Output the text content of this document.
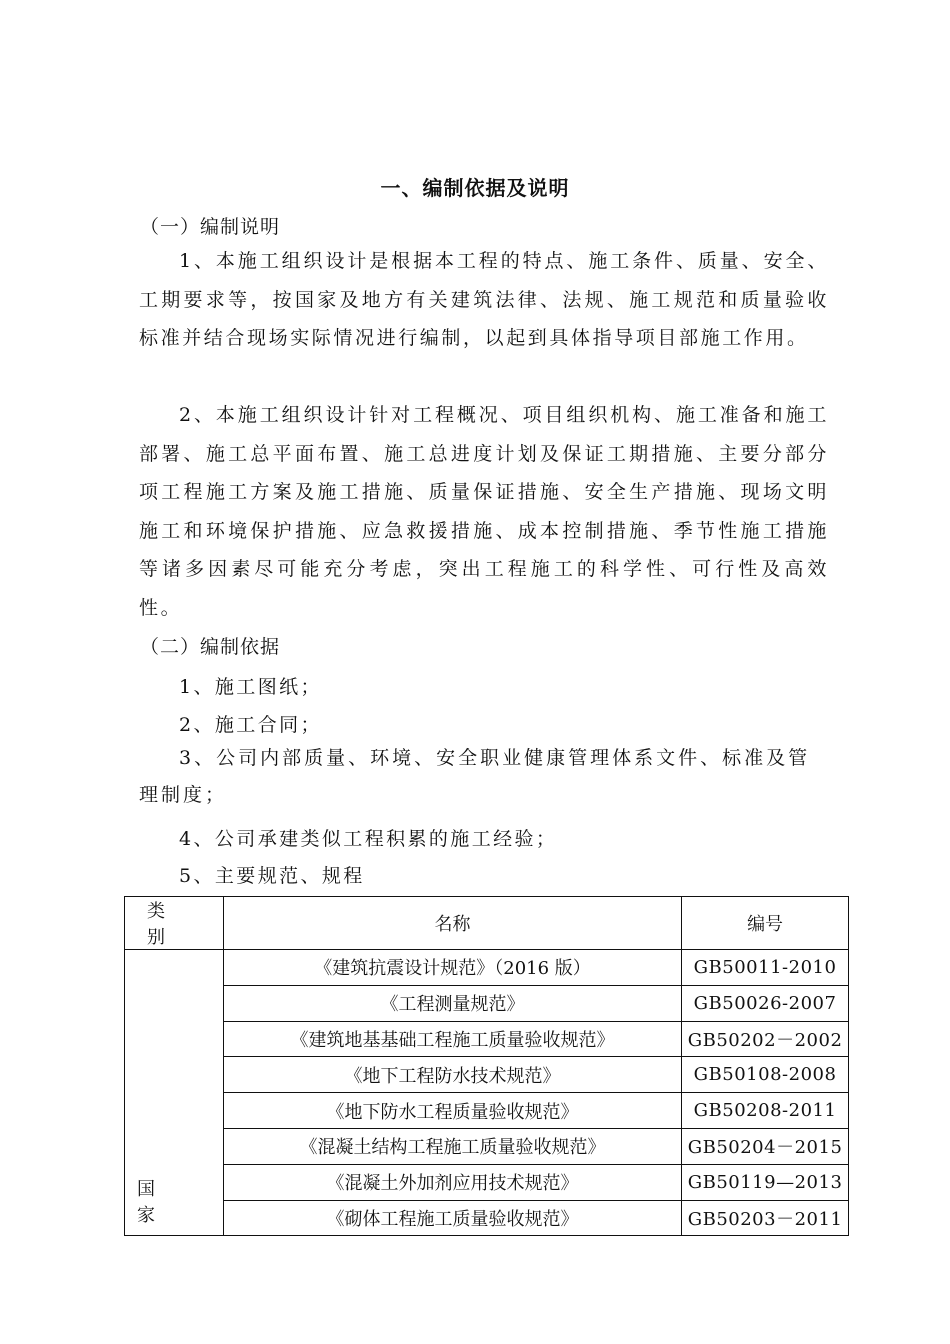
一、编制依据及说明
（一）编制说明

1、本施工组织设计是根据本工程的特点、施工条件、质量、安全、工期要求等，按国家及地方有关建筑法律、法规、施工规范和质量验收标准并结合现场实际情况进行编制，以起到具体指导项目部施工作用。

2、本施工组织设计针对工程概况、项目组织机构、施工准备和施工部署、施工总平面布置、施工总进度计划及保证工期措施、主要分部分项工程施工方案及施工措施、质量保证措施、安全生产措施、现场文明施工和环境保护措施、应急救援措施、成本控制措施、季节性施工措施等诸多因素尽可能充分考虑，突出工程施工的科学性、可行性及高效性。

（二）编制依据
1、施工图纸；
2、施工合同；

3、公司内部质量、环境、安全职业健康管理体系文件、标准及管理制度；

4、公司承建类似工程积累的施工经验；
5、主要规范、规程
类别	名称	编号
国家	《建筑抗震设计规范》（2016 版）	GB50011-2010
	《工程测量规范》	GB50026-2007
	《建筑地基基础工程施工质量验收规范》	GB50202－2002
	《地下工程防水技术规范》	GB50108-2008
	《地下防水工程质量验收规范》	GB50208-2011
	《混凝土结构工程施工质量验收规范》	GB50204－2015
	《混凝土外加剂应用技术规范》	GB50119—2013
	《砌体工程施工质量验收规范》	GB50203－2011
